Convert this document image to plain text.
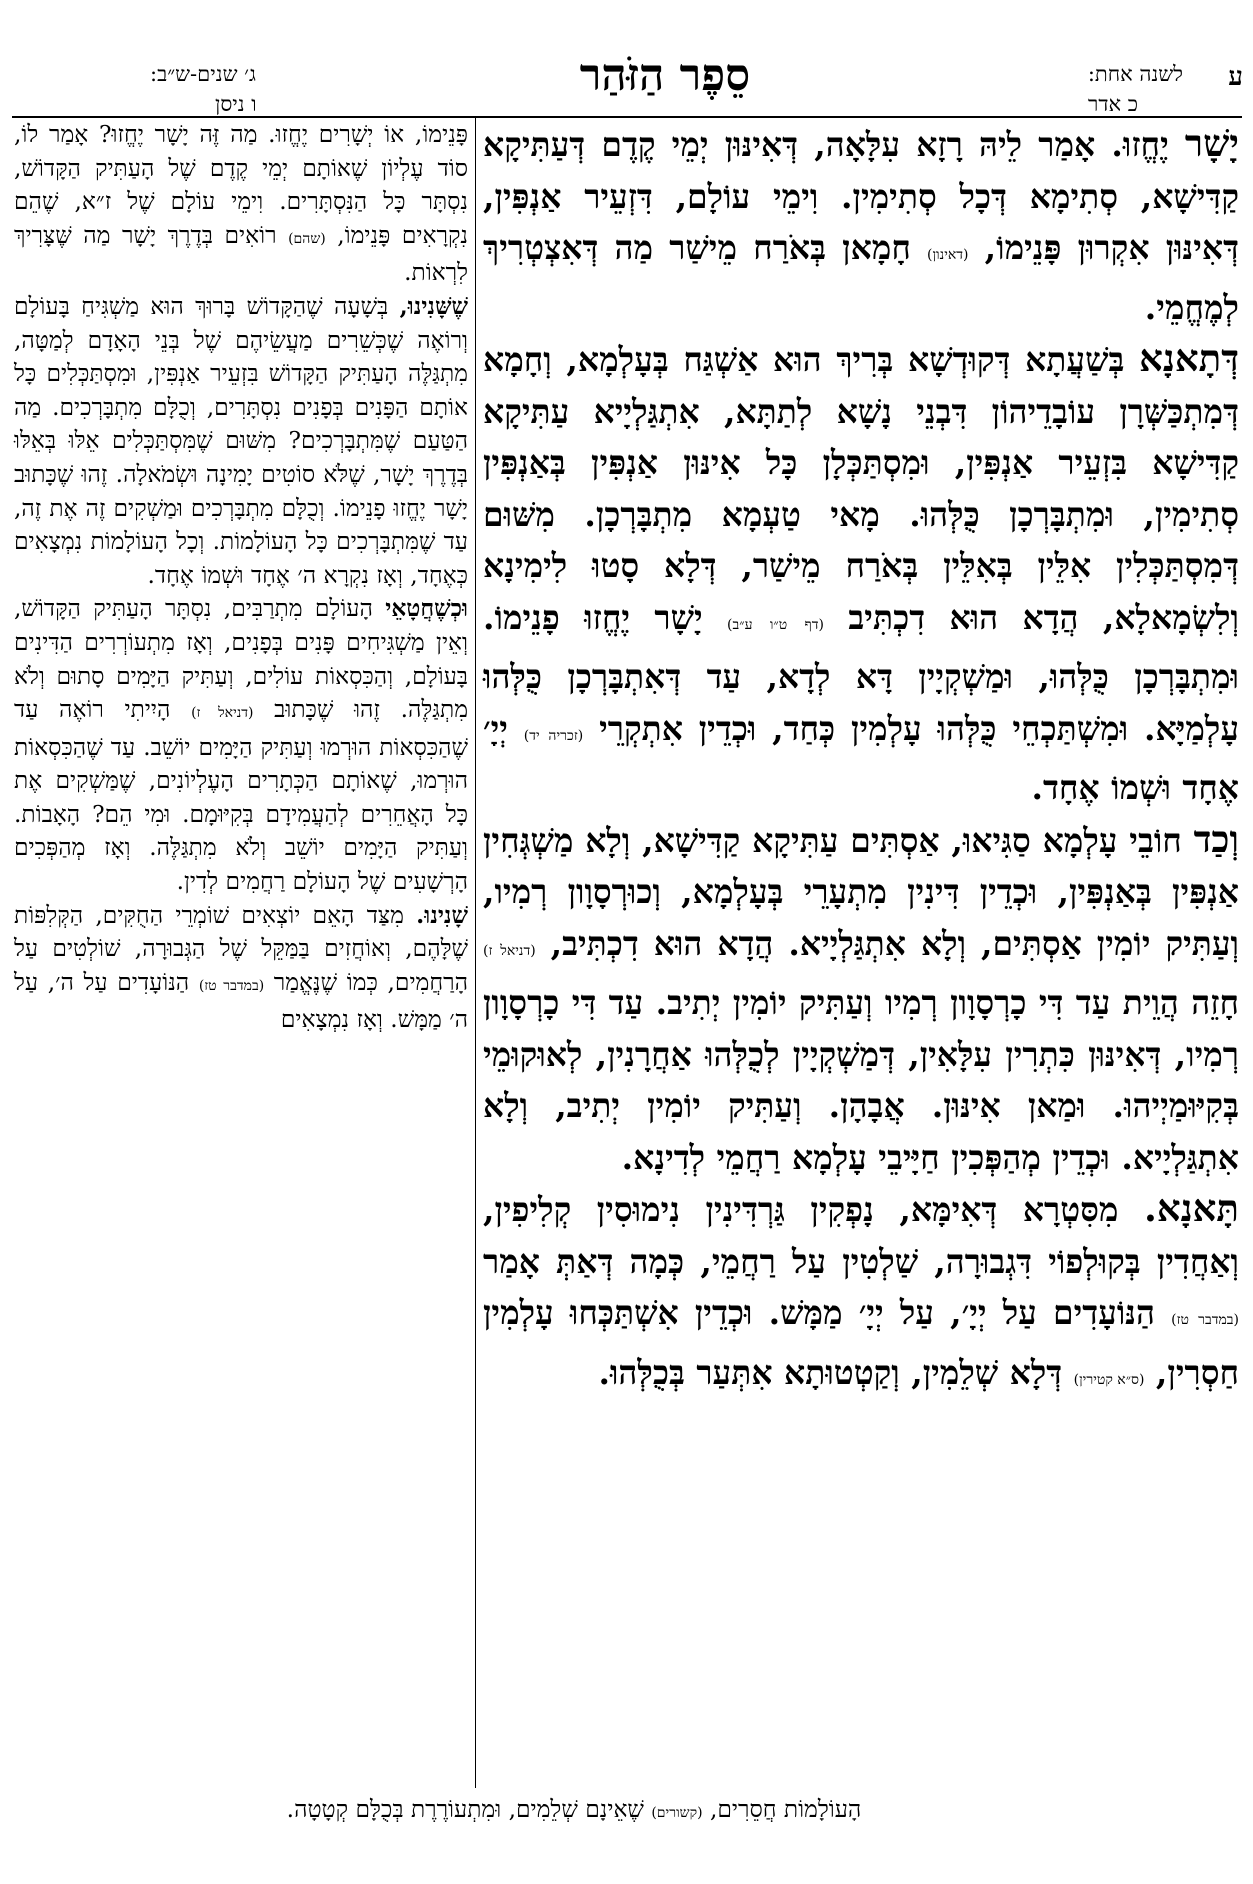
ע
לשנה אחת:
כ אדר
סֵפֶר הַזֹּהַר
ג׳ שנים-ש״ב:
ו ניסן

יָשָׁר יֶחֱזוּ. אָמַר לֵיהּ רָזָא עִלָּאָה, דְּאִינּוּן יְמֵי קֶדֶם דְּעַתִּיקָא קַדִּישָׁא, סְתִימָא דְּכָל סְתִימִין. וִימֵי עוֹלָם, דִּזְעֵיר אַנְפִּין, דְּאִינּוּן אִקְרוּן פָּנֵימוֹ, (דאינון) חָמָאן בְּאֹרַח מֵישַׁר מַה דְּאִצְטְרִיךְ לְמֶחֱמֵי.

דְּתָאנָא בְּשַׁעֲתָא דְּקוּדְשָׁא בְּרִיךְ הוּא אַשְׁגַּח בְּעָלְמָא, וְחָמָא דְּמִתְכַּשְּׁרָן עוֹבָדֵיהוֹן דִּבְנֵי נָשָׁא לְתַתָּא, אִתְגַּלְיָיא עַתִּיקָא קַדִּישָׁא בִּזְעֵיר אַנְפִּין, וּמִסְתַּכְּלָן כָּל אִינּוּן אַנְפִּין בְּאַנְפִּין סְתִימִין, וּמִתְבָּרְכָן כֻּלְּהוּ. מָאי טַעְמָא מִתְבָּרְכָן. מִשּׁוּם דְּמִסְתַּכְּלִין אִלֵּין בְּאִלֵּין בְּאֹרַח מֵישַׁר, דְּלָא סָטוּ לִימִינָא וְלִשְׂמָאלָא, הֲדָא הוּא דִכְתִּיב (דף ט״ו ע״ב) יָשָׁר יֶחֱזוּ פָנֵימוֹ. וּמִתְבָּרְכָן כֻּלְּהוּ, וּמַשְׁקְיָין דָּא לְדָא, עַד דְּאִתְבָּרְכָן כֻּלְּהוּ עָלְמַיָּא. וּמִשְׁתַּכְחֵי כֻּלְּהוּ עָלְמִין כְּחַד, וּכְדֵין אִתְקְרֵי (זכריה יד) יְיָ׳ אֶחָד וּשְׁמוֹ אֶחָד.

וְכַד חוֹבֵי עָלְמָא סַגִּיאוּ, אַסְתִּים עַתִּיקָא קַדִּישָׁא, וְלָא מַשְׁגְּחִין אַנְפִּין בְּאַנְפִּין, וּכְדֵין דִּינִין מִתְעָרֵי בְּעָלְמָא, וְכוּרְסָוָון רְמִיו, וְעַתִּיק יוֹמִין אַסְתִּים, וְלָא אִתְגַּלְיָיא. הֲדָא הוּא דִכְתִּיב, (דניאל ז) חָזֵה הֲוֵית עַד דִּי כָרְסָוָון רְמִיו וְעַתִּיק יוֹמִין יְתִיב. עַד דִּי כָרְסָוָון רְמִיו, דְּאִינּוּן כִּתְרִין עִלָּאִין, דְּמַשְׁקְיָין לְכֻלְּהוּ אַחֲרָנִין, לְאוּקוּמֵי בְּקִיּוּמַיְיהוּ. וּמַאן אִינּוּן. אֲבָהָן. וְעַתִּיק יוֹמִין יְתִיב, וְלָא אִתְגַּלְיָיא. וּכְדֵין מְהַפְּכִין חַיָּיבֵי עָלְמָא רַחֲמֵי לְדִינָא.

תָּאנָא. מִסִּטְרָא דְּאִימָּא, נָפְקִין גַּרְדִּינִין נִימוּסִין קְלִיפִין, וְאַחֲדִין בְּקוּלְפוֹי דִּגְבוּרָה, שַׁלְטִין עַל רַחֲמֵי, כְּמָה דְּאַתְּ אָמַר (במדבר טז) הַנּוֹעָדִים עַל יְיָ׳, עַל יְיָ׳ מַמָּשׁ. וּכְדֵין אִשְׁתַּכְּחוּ עָלְמִין חַסְרִין, (ס״א קטירין) דְּלָא שְׁלֵמִין, וְקַטְטוּתָא אִתְּעַר בְּכֻלְּהוּ.

פָּנֵימוֹ, אוֹ יְשָׁרִים יֶחֱזוּ. מַה זֶּה יָשָׁר יֶחֱזוּ? אָמַר לוֹ, סוֹד עֶלְיוֹן שֶׁאוֹתָם יְמֵי קֶדֶם שֶׁל הָעַתִּיק הַקָּדוֹשׁ, נִסְתָּר כָּל הַנִּסְתָּרִים. וִימֵי עוֹלָם שֶׁל ז״א, שֶׁהֵם נִקְרָאִים פָּנֵימוֹ, (שהם) רוֹאִים בְּדֶרֶךְ יָשָׁר מַה שֶּׁצָּרִיךְ לִרְאוֹת.

שֶׁשָּׁנִינוּ, בְּשָׁעָה שֶׁהַקָּדוֹשׁ בָּרוּךְ הוּא מַשְׁגִּיחַ בָּעוֹלָם וְרוֹאֶה שֶׁכְּשֵׁרִים מַעֲשֵׂיהֶם שֶׁל בְּנֵי הָאָדָם לְמַטָּה, מִתְגַּלֶּה הָעַתִּיק הַקָּדוֹשׁ בִּזְעֵיר אַנְפִּין, וּמִסְתַּכְּלִים כָּל אוֹתָם הַפָּנִים בְּפָנִים נִסְתָּרִים, וְכֻלָּם מִתְבָּרְכִים. מַה הַטַּעַם שֶׁמִּתְבָּרְכִים? מִשּׁוּם שֶׁמִּסְתַּכְּלִים אֵלּוּ בְּאֵלּוּ בְּדֶרֶךְ יָשָׁר, שֶׁלֹּא סוֹטִים יָמִינָה וּשְׂמֹאלָה. זֶהוּ שֶׁכָּתוּב יָשָׁר יֶחֱזוּ פָנֵימוֹ. וְכֻלָּם מִתְבָּרְכִים וּמַשְׁקִים זֶה אֶת זֶה, עַד שֶׁמִּתְבָּרְכִים כָּל הָעוֹלָמוֹת. וְכָל הָעוֹלָמוֹת נִמְצָאִים כְּאֶחָד, וְאָז נִקְרָא ה׳ אֶחָד וּשְׁמוֹ אֶחָד.

וּכְשֶׁחֲטָאֵי הָעוֹלָם מִתְרַבִּים, נִסְתָּר הָעַתִּיק הַקָּדוֹשׁ, וְאֵין מַשְׁגִּיחִים פָּנִים בְּפָנִים, וְאָז מִתְעוֹרְרִים הַדִּינִים בָּעוֹלָם, וְהַכִּסְאוֹת עוֹלִים, וְעַתִּיק הַיָּמִים סָתוּם וְלֹא מִתְגַּלֶּה. זֶהוּ שֶׁכָּתוּב (דניאל ז) הָיִיתִי רוֹאֶה עַד שֶׁהַכִּסְאוֹת הוּרְמוּ וְעַתִּיק הַיָּמִים יוֹשֵׁב. עַד שֶׁהַכִּסְאוֹת הוּרְמוּ, שֶׁאוֹתָם הַכְּתָרִים הָעֶלְיוֹנִים, שֶׁמַּשְׁקִים אֶת כָּל הָאֲחֵרִים לְהַעֲמִידָם בְּקִיּוּמָם. וּמִי הֵם? הָאָבוֹת. וְעַתִּיק הַיָּמִים יוֹשֵׁב וְלֹא מִתְגַּלֶּה. וְאָז מְהַפְּכִים הָרְשָׁעִים שֶׁל הָעוֹלָם רַחֲמִים לְדִין.

שָׁנִינוּ. מִצַּד הָאֵם יוֹצְאִים שׁוֹמְרֵי הַחֻקִּים, הַקְּלִפּוֹת שֶׁלָּהֶם, וְאוֹחֲזִים בַּמַּקֵּל שֶׁל הַגְּבוּרָה, שׁוֹלְטִים עַל הָרַחֲמִים, כְּמוֹ שֶׁנֶּאֱמַר (במדבר טז) הַנּוֹעָדִים עַל ה׳, עַל ה׳ מַמָּשׁ. וְאָז נִמְצָאִים

הָעוֹלָמוֹת חֲסֵרִים, (קשורים) שֶׁאֵינָם שְׁלֵמִים, וּמִתְעוֹרֶרֶת בְּכֻלָּם קְטָטָה.
